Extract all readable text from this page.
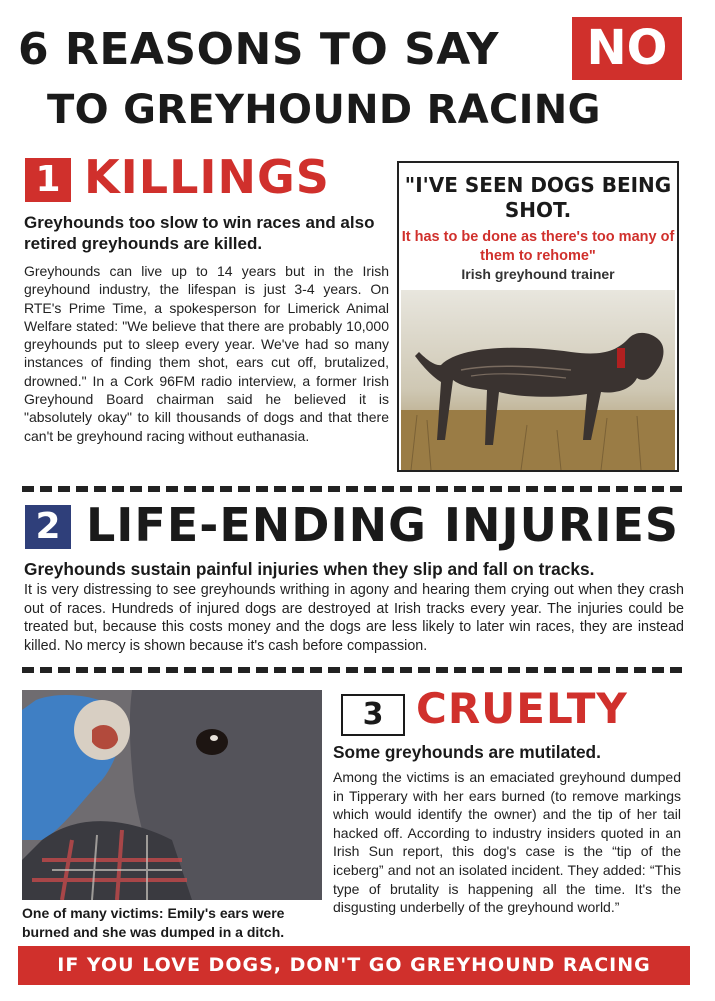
6 REASONS TO SAY	NO
TO GREYHOUND RACING
1 KILLINGS
Greyhounds too slow to win races and also retired greyhounds are killed.
Greyhounds can live up to 14 years but in the Irish greyhound industry, the lifespan is just 3-4 years. On RTE's Prime Time, a spokesperson for Limerick Animal Welfare stated: "We believe that there are probably 10,000 greyhounds put to sleep every year. We've had so many instances of finding them shot, ears cut off, brutalized, drowned." In a Cork 96FM radio interview, a former Irish Greyhound Board chairman said he believed it is "absolutely okay" to kill thousands of dogs and that there can't be greyhound racing without euthanasia.
"I'VE SEEN DOGS BEING SHOT.
It has to be done as there's too many of them to rehome"
Irish greyhound trainer
2 LIFE-ENDING INJURIES
Greyhounds sustain painful injuries when they slip and fall on tracks.
It is very distressing to see greyhounds writhing in agony and hearing them crying out when they crash out of races. Hundreds of injured dogs are destroyed at Irish tracks every year. The injuries could be treated but, because this costs money and the dogs are less likely to later win races, they are instead killed. No mercy is shown because it's cash before compassion.
One of many victims: Emily's ears were burned and she was dumped in a ditch.
3 CRUELTY
Some greyhounds are mutilated.
Among the victims is an emaciated greyhound dumped in Tipperary with her ears burned (to remove markings which would identify the owner) and the tip of her tail hacked off. According to industry insiders quoted in an Irish Sun report, this dog's case is the “tip of the iceberg” and not an isolated incident. They added: “This type of brutality is happening all the time. It's the disgusting underbelly of the greyhound world.”
IF YOU LOVE DOGS, DON'T GO GREYHOUND RACING
